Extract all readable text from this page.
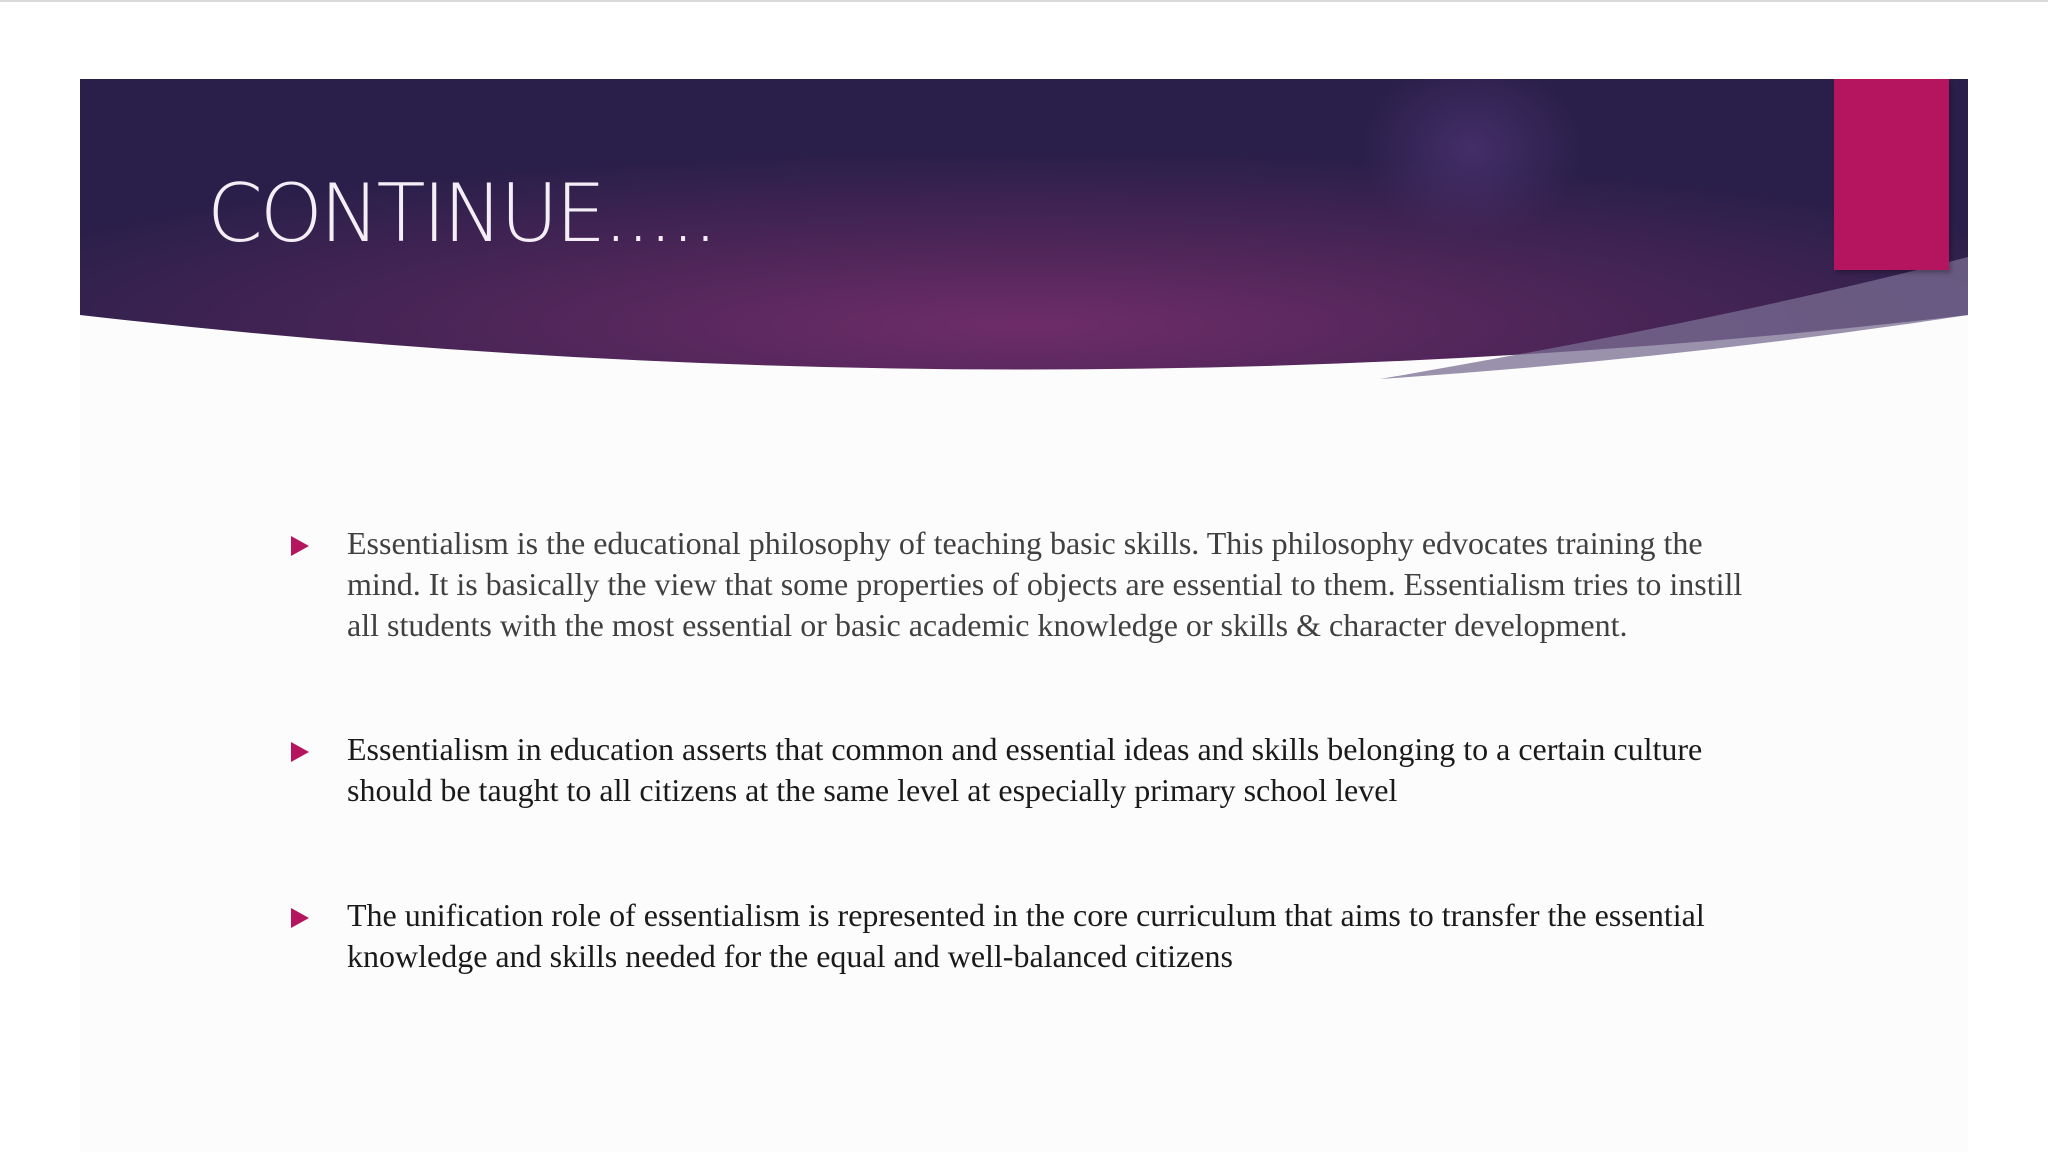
CONTINUE.....
Essentialism is the educational philosophy of teaching basic skills. This philosophy edvocates training the mind. It is basically the view that some properties of objects are essential to them. Essentialism tries to instill all students with the most essential or basic academic knowledge or skills & character development.
Essentialism in education asserts that common and essential ideas and skills belonging to a certain culture should be taught to all citizens at the same level at especially primary school level
The unification role of essentialism is represented in the core curriculum that aims to transfer the essential knowledge and skills needed for the equal and well-balanced citizens
